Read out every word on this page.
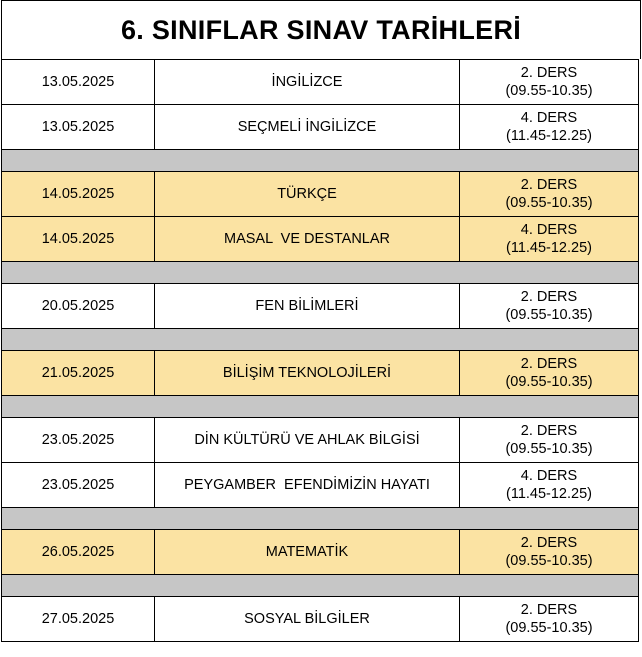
6. SINIFLAR SINAV TARİHLERİ
13.05.2025	İNGİLİZCE	2. DERS
(09.55-10.35)

13.05.2025	SEÇMELİ İNGİLİZCE	4. DERS
(11.45-12.25)

14.05.2025	TÜRKÇE	2. DERS
(09.55-10.35)

14.05.2025	MASAL  VE DESTANLAR	4. DERS
(11.45-12.25)

20.05.2025	FEN BİLİMLERİ	2. DERS
(09.55-10.35)

21.05.2025	BİLİŞİM TEKNOLOJİLERİ	2. DERS
(09.55-10.35)

23.05.2025	DİN KÜLTÜRÜ VE AHLAK BİLGİSİ	2. DERS
(09.55-10.35)

23.05.2025	PEYGAMBER  EFENDİMİZİN HAYATI	4. DERS
(11.45-12.25)

26.05.2025	MATEMATİK	2. DERS
(09.55-10.35)

27.05.2025	SOSYAL BİLGİLER	2. DERS
(09.55-10.35)
